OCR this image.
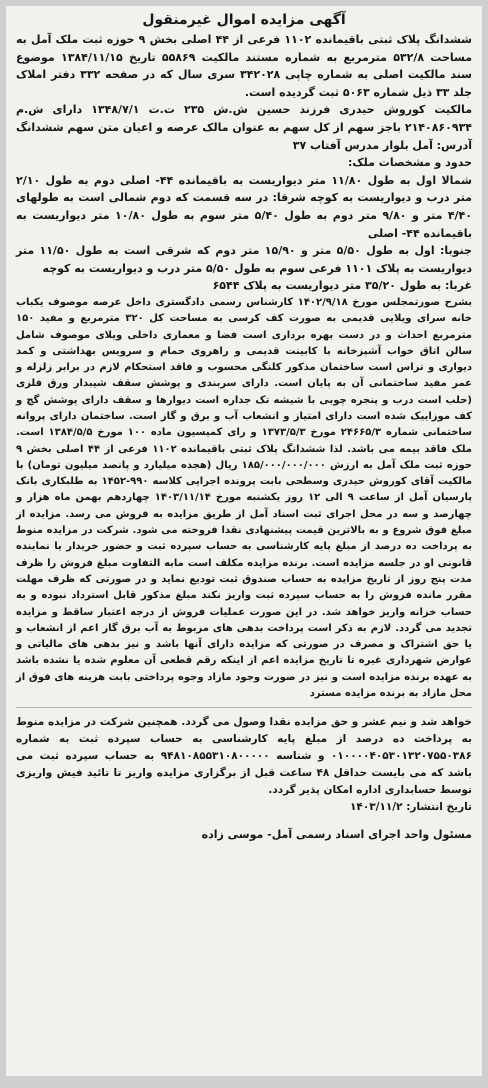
آگهی مزایده اموال غیرمنقول

ششدانگ پلاک ثبتی باقیمانده ۱۱۰۲ فرعی از ۴۴ اصلی بخش ۹ حوزه ثبت ملک آمل به مساحت ۵۳۲/۸ مترمربع به شماره مستند مالکیت ۵۵۸۶۹ تاریخ ۱۳۸۴/۱۱/۱۵ موضوع سند مالکیت اصلی به شماره چاپی ۳۴۲۰۲۸ سری سال که در صفحه ۳۳۲ دفتر املاک جلد ۳۳ ذیل شماره ۵۰۶۳ ثبت گردیده است.

مالکیت کوروش حیدری فرزند حسین ش.ش ۲۳۵ ت.ت ۱۳۴۸/۷/۱ دارای ش.م ۲۱۴۰۸۶۰۹۳۴ باجز سهم از کل سهم به عنوان مالک عرصه و اعیان متن سهم ششدانگ آدرس: آمل بلوار مدرس آفتاب ۳۷

حدود و مشخصات ملک:

شمالا اول به طول ۱۱/۸۰ متر دیواریست به باقیمانده ۴۴- اصلی دوم به طول ۲/۱۰ متر درب و دیواریست به کوچه شرقا: در سه قسمت که دوم شمالی است به طولهای ۴/۴۰ متر و ۹/۸۰ متر دوم به طول ۵/۴۰ متر سوم به طول ۱۰/۸۰ متر دیواریست به باقیمانده ۴۴- اصلی

جنوبا: اول به طول ۵/۵۰ متر و ۱۵/۹۰ متر دوم که شرقی است به طول ۱۱/۵۰ متر دیواریست به پلاک ۱۱۰۱ فرعی سوم به طول ۵/۵۰ متر درب و دیواریست به کوچه

غربا: به طول ۳۵/۲۰ متر دیواریست به پلاک ۶۵۴۴

بشرح صورتمجلس مورخ ۱۴۰۲/۹/۱۸ کارشناس رسمی دادگستری داخل عرصه موصوف یکباب خانه سرای ویلایی قدیمی به صورت کف کرسی به مساحت کل ۳۲۰ مترمربع و مفید ۱۵۰ مترمربع احداث و در دست بهره برداری است فضا و معماری داخلی ویلای موصوف شامل سالن اتاق خواب آشپزخانه با کابینت قدیمی و راهروی حمام و سرویس بهداشتی و کمد دیواری و تراس است ساختمان مذکور کلنگی محسوب و فاقد استحکام لازم در برابر زلزله و عمر مفید ساختمانی آن به پایان است. دارای سربندی و پوشش سقف شیبدار ورق فلزی (حلب است درب و پنجره چوبی با شیشه تک جداره است دیوارها و سقف دارای پوشش گچ و کف موزاییک شده است دارای امتیاز و انشعاب آب و برق و گاز است. ساختمان دارای پروانه ساختمانی شماره ۲۴۶۶۵/۳ مورخ ۱۳۷۳/۵/۳ و رای کمیسیون ماده ۱۰۰ مورخ ۱۳۸۴/۵/۵ است. ملک فاقد بیمه می باشد. لذا ششدانگ پلاک ثبتی باقیمانده ۱۱۰۲ فرعی از ۴۴ اصلی بخش ۹ حوزه ثبت ملک آمل به ارزش ۱۸۵/۰۰۰/۰۰۰/۰۰۰ ریال (هجده میلیارد و پانصد میلیون تومان) با مالکیت آقای کوروش حیدری وسطحی بابت پرونده اجرایی کلاسه ۹۹۰-۱۴۵۲ به طلبکاری بانک پارسیان آمل از ساعت ۹ الی ۱۲ روز یکشنبه مورخ ۱۴۰۳/۱۱/۱۴ چهاردهم بهمن ماه هزار و چهارصد و سه در محل اجرای ثبت اسناد آمل از طریق مزایده به فروش می رسد. مزایده از مبلغ فوق شروع و به بالاترین قیمت پیشنهادی نقدا فروخته می شود. شرکت در مزایده منوط به پرداخت ده درصد از مبلغ پایه کارشناسی به حساب سپرده ثبت و حضور خریدار یا نماینده قانونی او در جلسه مزایده است. برنده مزایده مکلف است مابه التفاوت مبلغ فروش را ظرف مدت پنج روز از تاریخ مزایده به حساب صندوق ثبت تودیع نماید و در صورتی که ظرف مهلت مقرر مانده فروش را به حساب سپرده ثبت واریز نکند مبلغ مذکور قابل استرداد نبوده و به حساب خزانه واریز خواهد شد. در این صورت عملیات فروش از درجه اعتبار ساقط و مزایده تجدید می گردد. لازم به ذکر است پرداخت بدهی های مربوط به آب برق گاز اعم از انشعاب و یا حق اشتراک و مصرف در صورتی که مزایده دارای آنها باشد و نیز بدهی های مالیاتی و عوارض شهرداری غیره تا تاریخ مزایده اعم از اینکه رقم قطعی آن معلوم شده یا نشده باشد به عهده برنده مزایده است و نیز در صورت وجود مازاد وجوه پرداختی بابت هزینه های فوق از محل مازاد به برنده مزایده مسترد

خواهد شد و نیم عشر و حق مزایده نقدا وصول می گردد. همچنین شرکت در مزایده منوط به پرداخت ده درصد از مبلغ پایه کارشناسی به حساب سپرده ثبت به شماره ۰۱۰۰۰۰۴۰۵۳۰۱۳۲۰۷۵۵۰۳۸۶ و شناسه ۹۴۸۱۰۸۵۵۳۱۰۸۰۰۰۰۰ به حساب سپرده ثبت می باشد که می بایست حداقل ۴۸ ساعت قبل از برگزاری مزایده واریز تا تائید فیش واریزی توسط حسابداری اداره امکان پذیر گردد.

تاریخ انتشار: ۱۴۰۳/۱۱/۲

مسئول واحد اجرای اسناد رسمی آمل- موسی زاده
